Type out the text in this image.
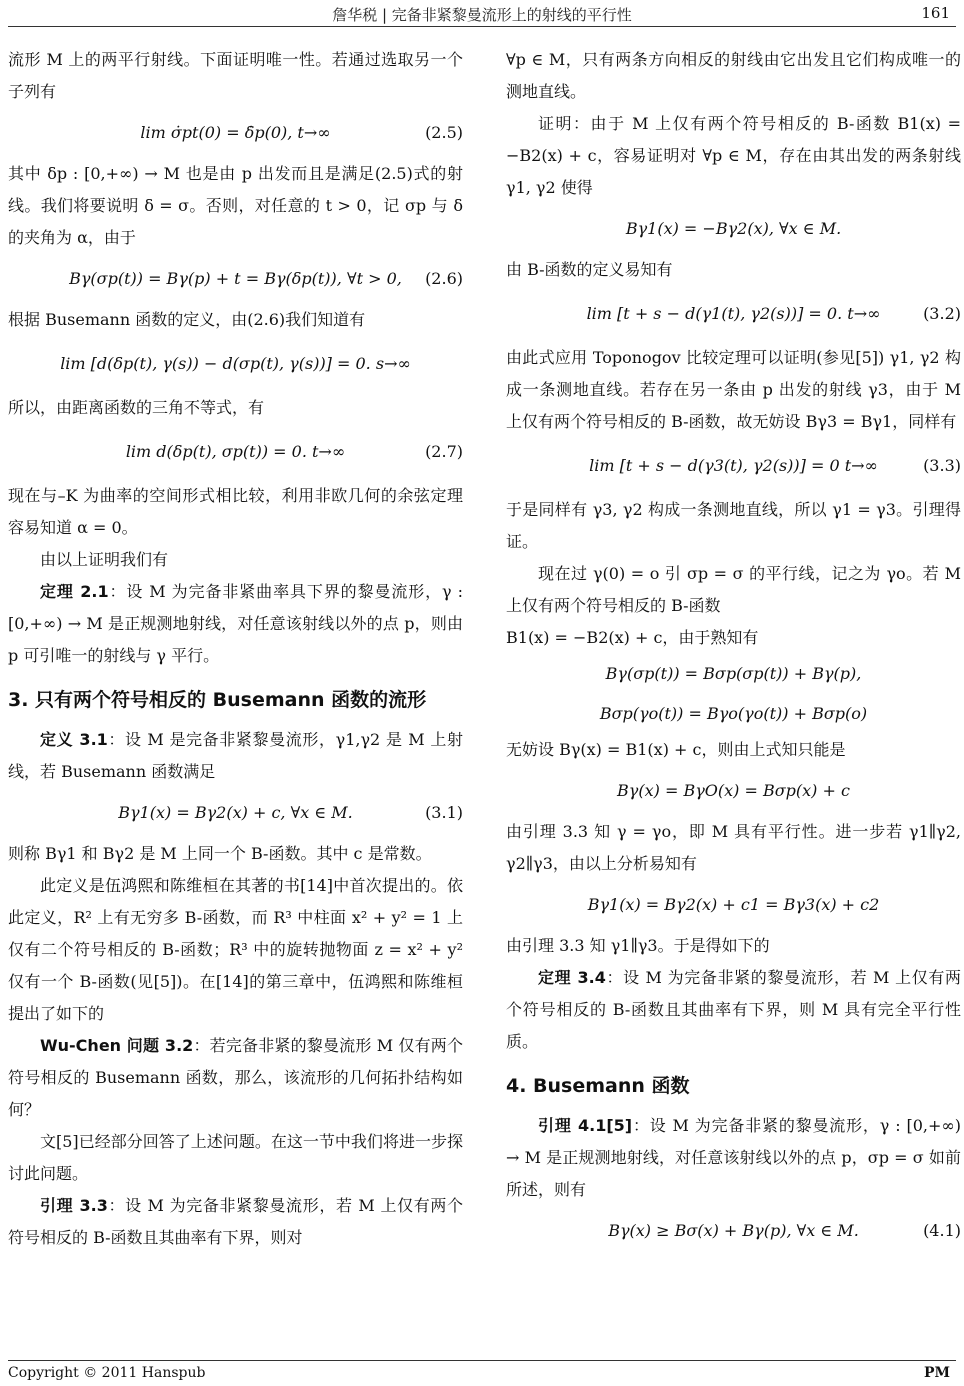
詹华税 | 完备非紧黎曼流形上的射线的平行性	161

流形 M 上的两平行射线。下面证明唯一性。若通过选取另一个子列有

lim σ̇pt(0) = δ̇p(0), t→∞	(2.5)

其中 δp : [0,+∞) → M 也是由 p 出发而且是满足(2.5)式的射线。我们将要说明 δ = σ。否则，对任意的 t > 0，记 σp 与 δ 的夹角为 α，由于

Bγ(σp(t)) = Bγ(p) + t = Bγ(δp(t)), ∀t > 0, (2.6)

根据 Busemann 函数的定义，由(2.6)我们知道有

lim [d(δp(t), γ(s)) − d(σp(t), γ(s))] = 0. s→∞

所以，由距离函数的三角不等式，有

lim d(δp(t), σp(t)) = 0. t→∞	(2.7)

现在与–K 为曲率的空间形式相比较，利用非欧几何的余弦定理容易知道 α = 0。

由以上证明我们有

定理 2.1：设 M 为完备非紧曲率具下界的黎曼流形，γ : [0,+∞) → M 是正规测地射线，对任意该射线以外的点 p，则由 p 可引唯一的射线与 γ 平行。

3. 只有两个符号相反的 Busemann 函数的流形

定义 3.1：设 M 是完备非紧黎曼流形，γ1,γ2 是 M 上射线，若 Busemann 函数满足

Bγ1(x) = Bγ2(x) + c, ∀x ∈ M.	(3.1)

则称 Bγ1 和 Bγ2 是 M 上同一个 B-函数。其中 c 是常数。

此定义是伍鸿熙和陈维桓在其著的书[14]中首次提出的。依此定义，R² 上有无穷多 B-函数，而 R³ 中柱面 x² + y² = 1 上仅有二个符号相反的 B-函数；R³ 中的旋转抛物面 z = x² + y² 仅有一个 B-函数(见[5])。在[14]的第三章中，伍鸿熙和陈维桓提出了如下的

Wu-Chen 问题 3.2：若完备非紧的黎曼流形 M 仅有两个符号相反的 Busemann 函数，那么，该流形的几何拓扑结构如何？

文[5]已经部分回答了上述问题。在这一节中我们将进一步探讨此问题。

引理 3.3：设 M 为完备非紧黎曼流形，若 M 上仅有两个符号相反的 B-函数且其曲率有下界，则对

∀p ∈ M，只有两条方向相反的射线由它出发且它们构成唯一的测地直线。

证明：由于 M 上仅有两个符号相反的 B-函数 B1(x) = −B2(x) + c，容易证明对 ∀p ∈ M，存在由其出发的两条射线 γ1, γ2 使得

Bγ1(x) = −Bγ2(x), ∀x ∈ M.

由 B-函数的定义易知有

lim [t + s − d(γ1(t), γ2(s))] = 0. t→∞	(3.2)

由此式应用 Toponogov 比较定理可以证明(参见[5]) γ1, γ2 构成一条测地直线。若存在另一条由 p 出发的射线 γ3，由于 M 上仅有两个符号相反的 B-函数，故无妨设 Bγ3 = Bγ1，同样有

lim [t + s − d(γ3(t), γ2(s))] = 0 t→∞	(3.3)

于是同样有 γ3, γ2 构成一条测地直线，所以 γ1 = γ3。引理得证。

现在过 γ(0) = o 引 σp = σ 的平行线，记之为 γo。若 M 上仅有两个符号相反的 B-函数

B1(x) = −B2(x) + c，由于熟知有

Bγ(σp(t)) = Bσp(σp(t)) + Bγ(p),
Bσp(γo(t)) = Bγo(γo(t)) + Bσp(o)

无妨设 Bγ(x) = B1(x) + c，则由上式知只能是

Bγ(x) = BγO(x) = Bσp(x) + c

由引理 3.3 知 γ = γo，即 M 具有平行性。进一步若 γ1∥γ2, γ2∥γ3，由以上分析易知有

Bγ1(x) = Bγ2(x) + c1 = Bγ3(x) + c2

由引理 3.3 知 γ1∥γ3。于是得如下的

定理 3.4：设 M 为完备非紧的黎曼流形，若 M 上仅有两个符号相反的 B-函数且其曲率有下界，则 M 具有完全平行性质。

4. Busemann 函数

引理 4.1[5]：设 M 为完备非紧的黎曼流形，γ : [0,+∞) → M 是正规测地射线，对任意该射线以外的点 p，σp = σ 如前所述，则有

Bγ(x) ≥ Bσ(x) + Bγ(p), ∀x ∈ M.	(4.1)
Copyright © 2011 Hanspub	PM
